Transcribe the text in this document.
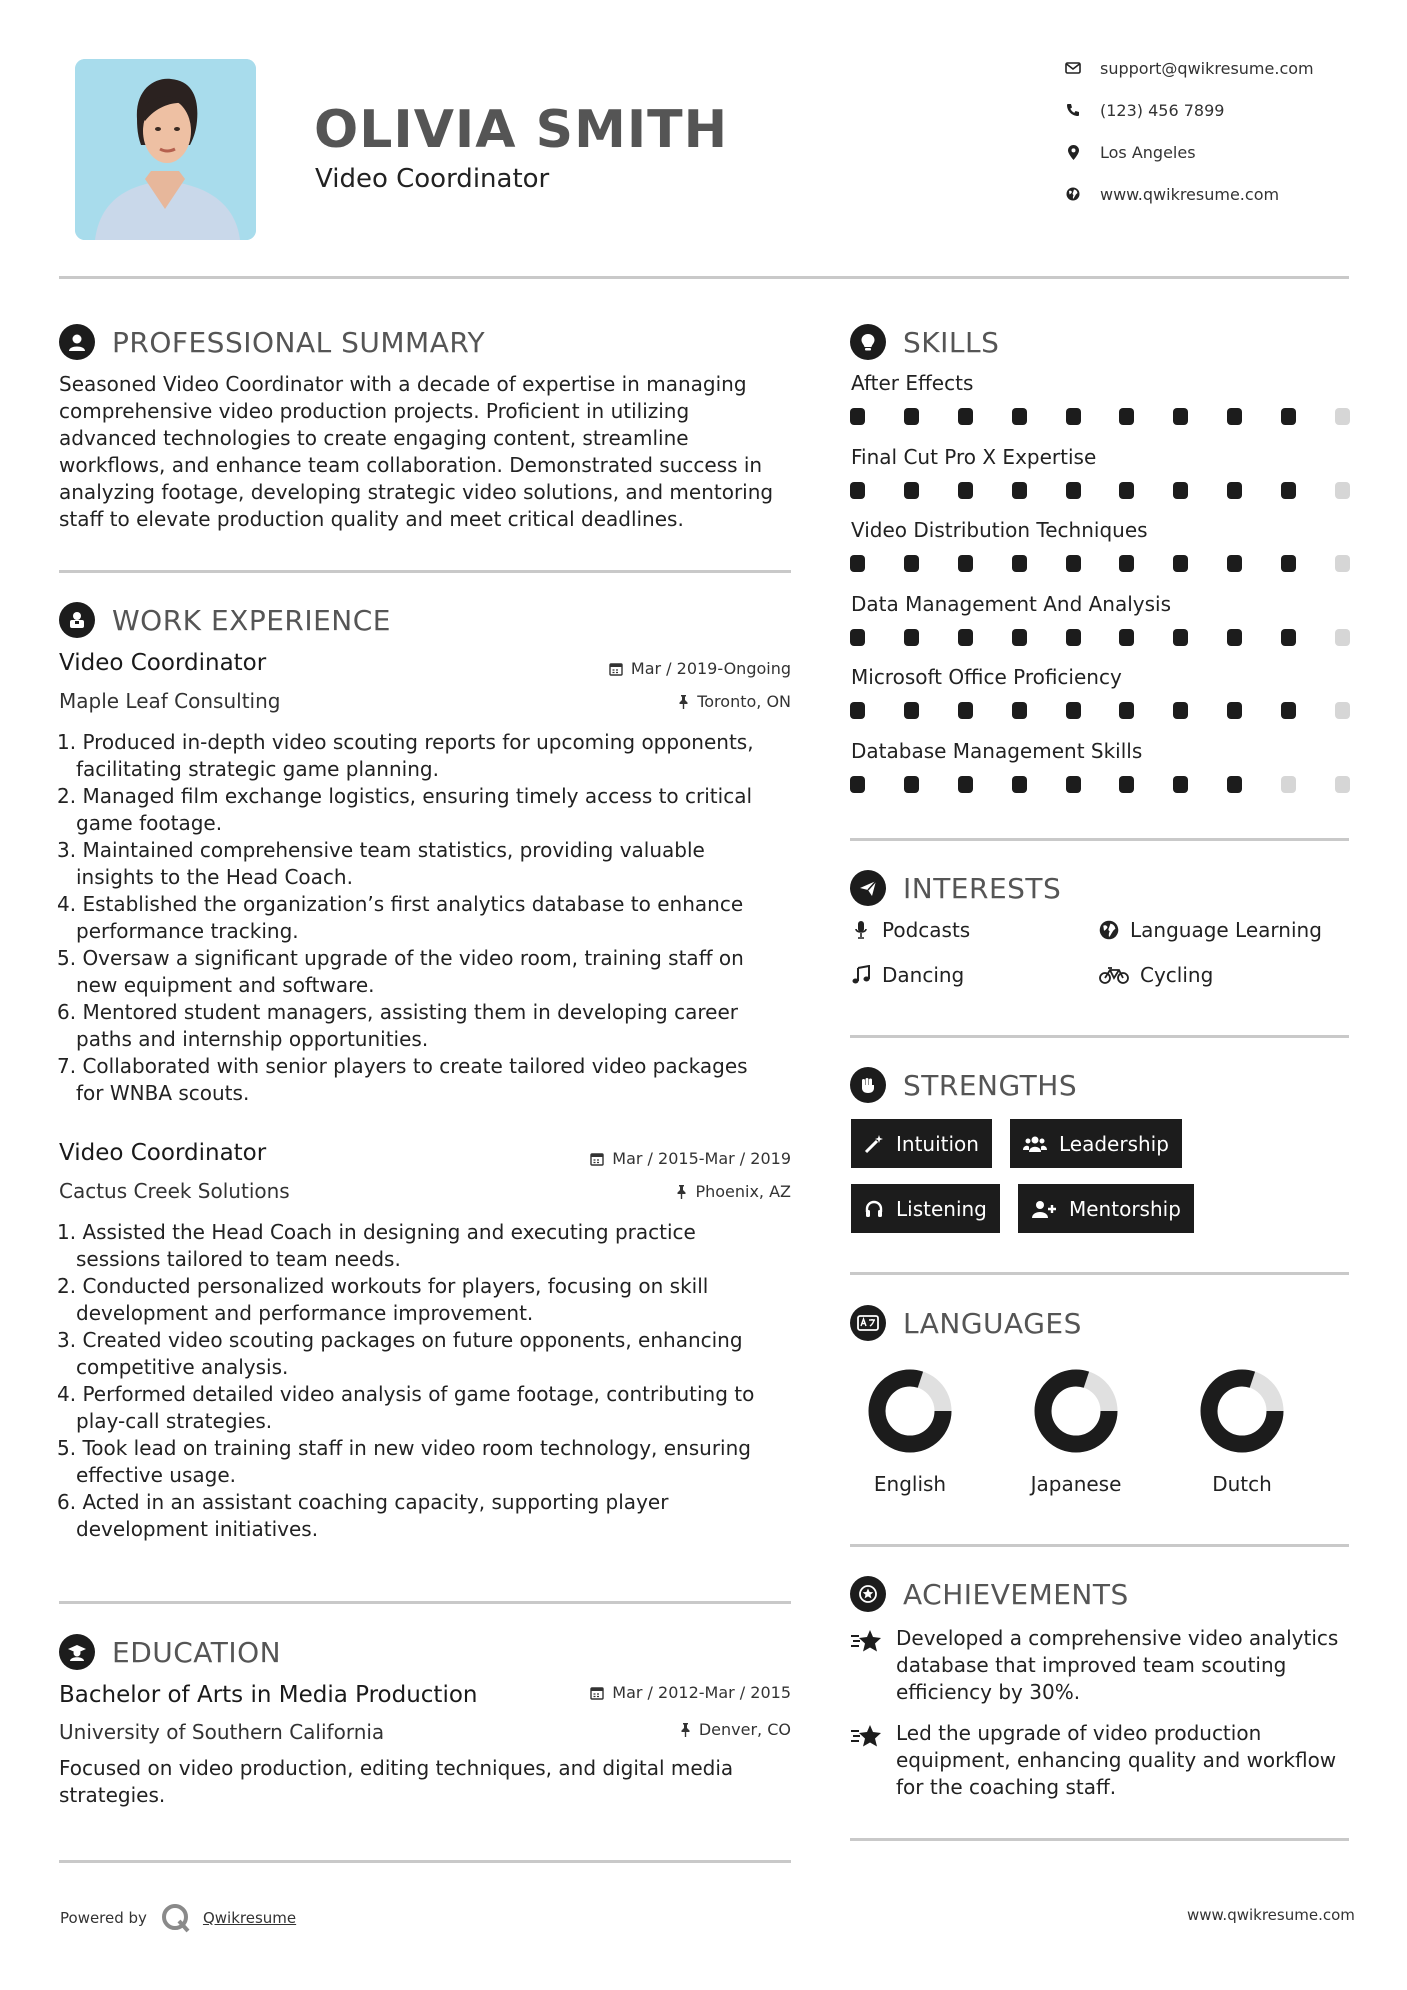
OLIVIA SMITH
Video Coordinator
support@qwikresume.com
(123) 456 7899
Los Angeles
www.qwikresume.com
PROFESSIONAL SUMMARY
Seasoned Video Coordinator with a decade of expertise in managing
comprehensive video production projects. Proficient in utilizing
advanced technologies to create engaging content, streamline
workflows, and enhance team collaboration. Demonstrated success in
analyzing footage, developing strategic video solutions, and mentoring
staff to elevate production quality and meet critical deadlines.
WORK EXPERIENCE
Video Coordinator	Mar / 2019-Ongoing
Maple Leaf Consulting	Toronto, ON
1. Produced in-depth video scouting reports for upcoming opponents,
facilitating strategic game planning.
2. Managed film exchange logistics, ensuring timely access to critical
game footage.
3. Maintained comprehensive team statistics, providing valuable
insights to the Head Coach.
4. Established the organization’s first analytics database to enhance
performance tracking.
5. Oversaw a significant upgrade of the video room, training staff on
new equipment and software.
6. Mentored student managers, assisting them in developing career
paths and internship opportunities.
7. Collaborated with senior players to create tailored video packages
for WNBA scouts.
Video Coordinator	Mar / 2015-Mar / 2019
Cactus Creek Solutions	Phoenix, AZ
1. Assisted the Head Coach in designing and executing practice
sessions tailored to team needs.
2. Conducted personalized workouts for players, focusing on skill
development and performance improvement.
3. Created video scouting packages on future opponents, enhancing
competitive analysis.
4. Performed detailed video analysis of game footage, contributing to
play-call strategies.
5. Took lead on training staff in new video room technology, ensuring
effective usage.
6. Acted in an assistant coaching capacity, supporting player
development initiatives.
EDUCATION
Bachelor of Arts in Media Production	Mar / 2012-Mar / 2015
University of Southern California	Denver, CO
Focused on video production, editing techniques, and digital media
strategies.
SKILLS
After Effects
Final Cut Pro X Expertise
Video Distribution Techniques
Data Management And Analysis
Microsoft Office Proficiency
Database Management Skills
INTERESTS
Podcasts	Language Learning
Dancing	Cycling
STRENGTHS
Intuition	Leadership
Listening	Mentorship
LANGUAGES
English	Japanese	Dutch
ACHIEVEMENTS
Developed a comprehensive video analytics
database that improved team scouting
efficiency by 30%.
Led the upgrade of video production
equipment, enhancing quality and workflow
for the coaching staff.
Powered by	Qwikresume	www.qwikresume.com
